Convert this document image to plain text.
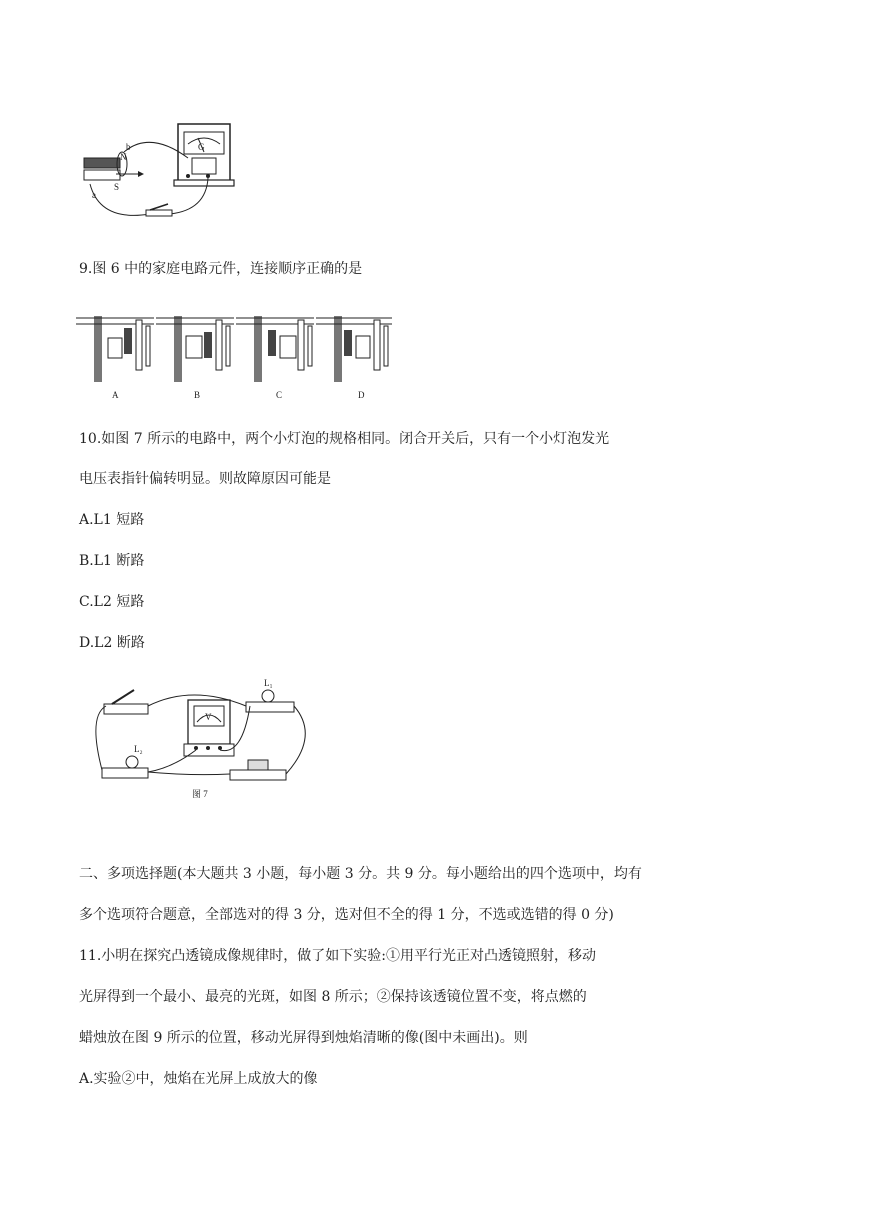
b
N
S
a
G
9.图 6 中的家庭电路元件，连接顺序正确的是
A	B	C	D
10.如图 7 所示的电路中，两个小灯泡的规格相同。闭合开关后，只有一个小灯泡发光
电压表指针偏转明显。则故障原因可能是
A.L1 短路
B.L1 断路
C.L2 短路
D.L2 断路
L₁
V
L₂
图 7
二、多项选择题(本大题共 3 小题，每小题 3 分。共 9 分。每小题给出的四个选项中，均有
多个选项符合题意，全部选对的得 3 分，选对但不全的得 1 分，不选或选错的得 0 分)
11.小明在探究凸透镜成像规律时，做了如下实验:①用平行光正对凸透镜照射，移动
光屏得到一个最小、最亮的光斑，如图 8 所示；②保持该透镜位置不变，将点燃的
蜡烛放在图 9 所示的位置，移动光屏得到烛焰清晰的像(图中未画出)。则
A.实验②中，烛焰在光屏上成放大的像
